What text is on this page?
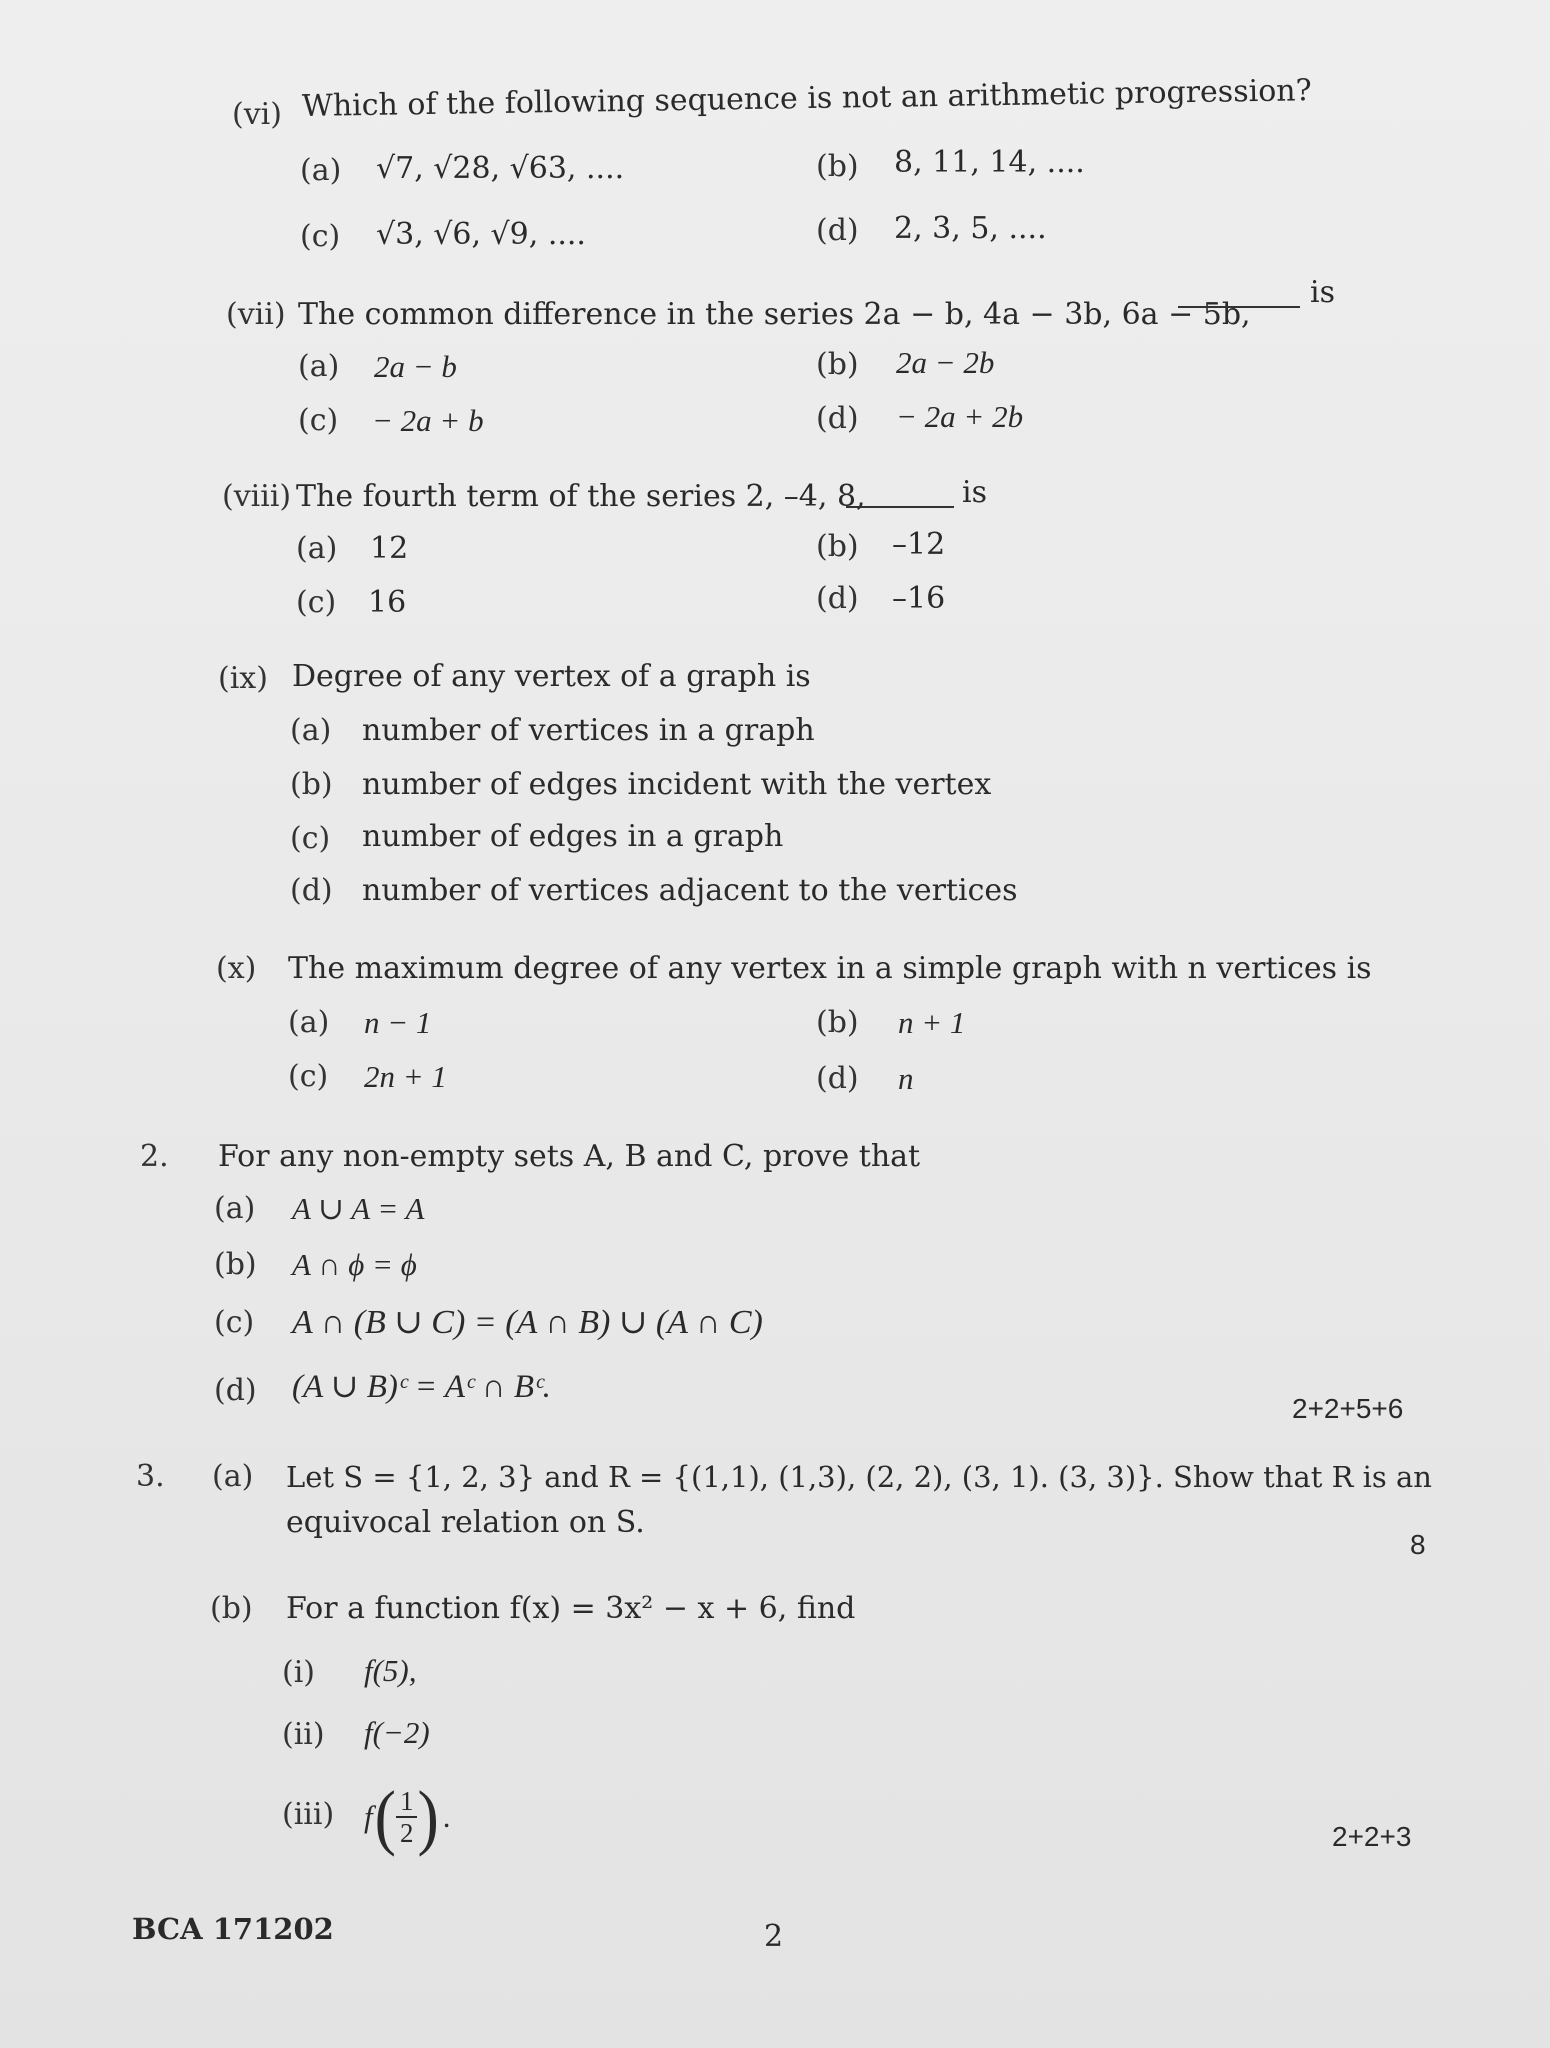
(vi) Which of the following sequence is not an arithmetic progression?
(a) √7, √28, √63, ....	(b) 8, 11, 14, ....
(c) √3, √6, √9, ....	(d) 2, 3, 5, ....
(vii) The common difference in the series 2a − b, 4a − 3b, 6a − 5b,
is
(a) 2a − b	(b) 2a − 2b
(c) − 2a + b	(d) − 2a + 2b
(viii) The fourth term of the series 2, –4, 8,	is
(a) 12	(b) –12
(c) 16	(d) –16
(ix) Degree of any vertex of a graph is
(a) number of vertices in a graph
(b) number of edges incident with the vertex
(c) number of edges in a graph
(d) number of vertices adjacent to the vertices
(x) The maximum degree of any vertex in a simple graph with n vertices is
(a) n − 1	(b) n + 1
(c) 2n + 1	(d) n
2. For any non-empty sets A, B and C, prove that
(a) A ∪ A = A
(b) A ∩ ϕ = ϕ
(c) A ∩ (B ∪ C) = (A ∩ B) ∪ (A ∩ C)
(d) (A ∪ B)ᶜ = Aᶜ ∩ Bᶜ.
2+2+5+6
3. (a) Let S = {1, 2, 3} and R = {(1,1), (1,3), (2, 2), (3, 1). (3, 3)}. Show that R is an
equivocal relation on S.
8
(b) For a function f(x) = 3x² − x + 6, find
(i) f(5),
(ii) f(−2)
(iii) f ( $\frac{1}{2}$ ) .
2+2+3
BCA 171202	2
